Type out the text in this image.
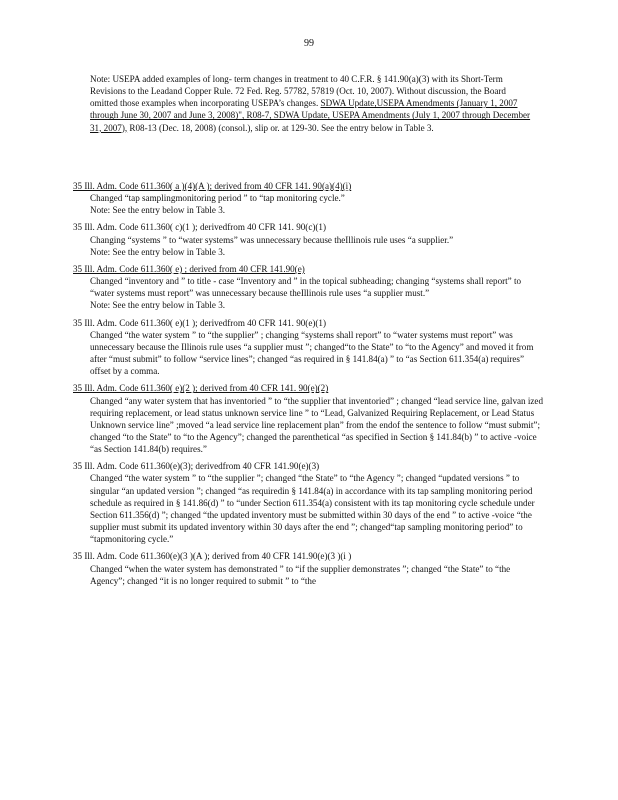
99
Note: USEPA added examples of long- term changes in treatment to 40 C.F.R. § 141.90(a)(3) with its Short-Term Revisions to the Leadand Copper Rule. 72 Fed. Reg. 57782, 57819 (Oct. 10, 2007). Without discussion, the Board omitted those examples when incorporating USEPA’s changes. SDWA Update,USEPA Amendments (January 1, 2007 through June 30, 2007 and June 3, 2008)", R08-7, SDWA Update, USEPA Amendments (July 1, 2007 through December 31, 2007), R08-13 (Dec. 18, 2008) (consol.), slip or. at 129-30. See the entry below in Table 3.
35 Ill. Adm. Code 611.360( a )(4)(A ); derived from 40 CFR 141. 90(a)(4)(i)

Changed “tap samplingmonitoring period ” to “tap monitoring cycle.”

Note: See the entry below in Table 3.

35 Ill. Adm. Code 611.360( c)(1 ); derivedfrom 40 CFR 141. 90(c)(1)

Changing “systems ” to “water systems” was unnecessary because theIllinois rule uses “a supplier.”

Note: See the entry below in Table 3.

35 Ill. Adm. Code 611.360( e) ; derived from 40 CFR 141.90(e)

Changed “inventory and ” to title - case “Inventory and ” in the topical subheading; changing “systems shall report” to “water systems must report” was unnecessary because theIllinois rule uses “a supplier must.”

Note: See the entry below in Table 3.

35 Ill. Adm. Code 611.360( e)(1 ); derivedfrom 40 CFR 141. 90(e)(1)

Changed “the water system ” to “the supplier” ; changing “systems shall report” to “water systems must report” was unnecessary because the Illinois rule uses “a supplier must ”; changed“to the State” to “to the Agency” and moved it from after “must submit” to follow “service lines”; changed “as required in § 141.84(a) ” to “as Section 611.354(a) requires” offset by a comma.

35 Ill. Adm. Code 611.360( e)(2 ); derived from 40 CFR 141. 90(e)(2)

Changed “any water system that has inventoried ” to “the supplier that inventoried” ; changed “lead service line, galvan ized requiring replacement, or lead status unknown service line ” to “Lead, Galvanized Requiring Replacement, or Lead Status Unknown service line” ;moved “a lead service line replacement plan” from the endof the sentence to follow “must submit”; changed “to the State” to “to the Agency”; changed the parenthetical “as specified in Section § 141.84(b) ” to active -voice “as Section 141.84(b) requires.”

35 Ill. Adm. Code 611.360(e)(3); derivedfrom 40 CFR 141.90(e)(3)

Changed “the water system ” to “the supplier ”; changed “the State” to “the Agency ”; changed “updated versions ” to singular “an updated version ”; changed “as requiredin § 141.84(a) in accordance with its tap sampling monitoring period schedule as required in § 141.86(d) ” to “under Section 611.354(a) consistent with its tap monitoring cycle schedule under Section 611.356(d) ”; changed “the updated inventory must be submitted within 30 days of the end ” to active -voice “the supplier must submit its updated inventory within 30 days after the end ”; changed“tap sampling monitoring period” to “tapmonitoring cycle.”

35 Ill. Adm. Code 611.360(e)(3 )(A ); derived from 40 CFR 141.90(e)(3 )(i )

Changed “when the water system has demonstrated ” to “if the supplier demonstrates ”; changed “the State” to “the Agency”; changed “it is no longer required to submit ” to “the
